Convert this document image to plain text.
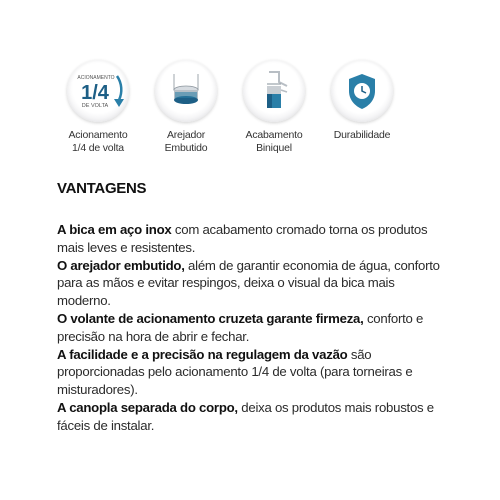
ACIONAMENTO
1/4
DE VOLTA
Acionamento
1/4 de volta
Arejador
Embutido
Acabamento
Biniquel
Durabilidade
VANTAGENS

A bica em aço inox com acabamento cromado torna os produtos mais leves e resistentes.

O arejador embutido, além de garantir economia de água, conforto para as mãos e evitar respingos, deixa o visual da bica mais moderno.

O volante de acionamento cruzeta garante firmeza, conforto e precisão na hora de abrir e fechar.

A facilidade e a precisão na regulagem da vazão são proporcionadas pelo acionamento 1/4 de volta (para torneiras e misturadores).

A canopla separada do corpo, deixa os produtos mais robustos e fáceis de instalar.
